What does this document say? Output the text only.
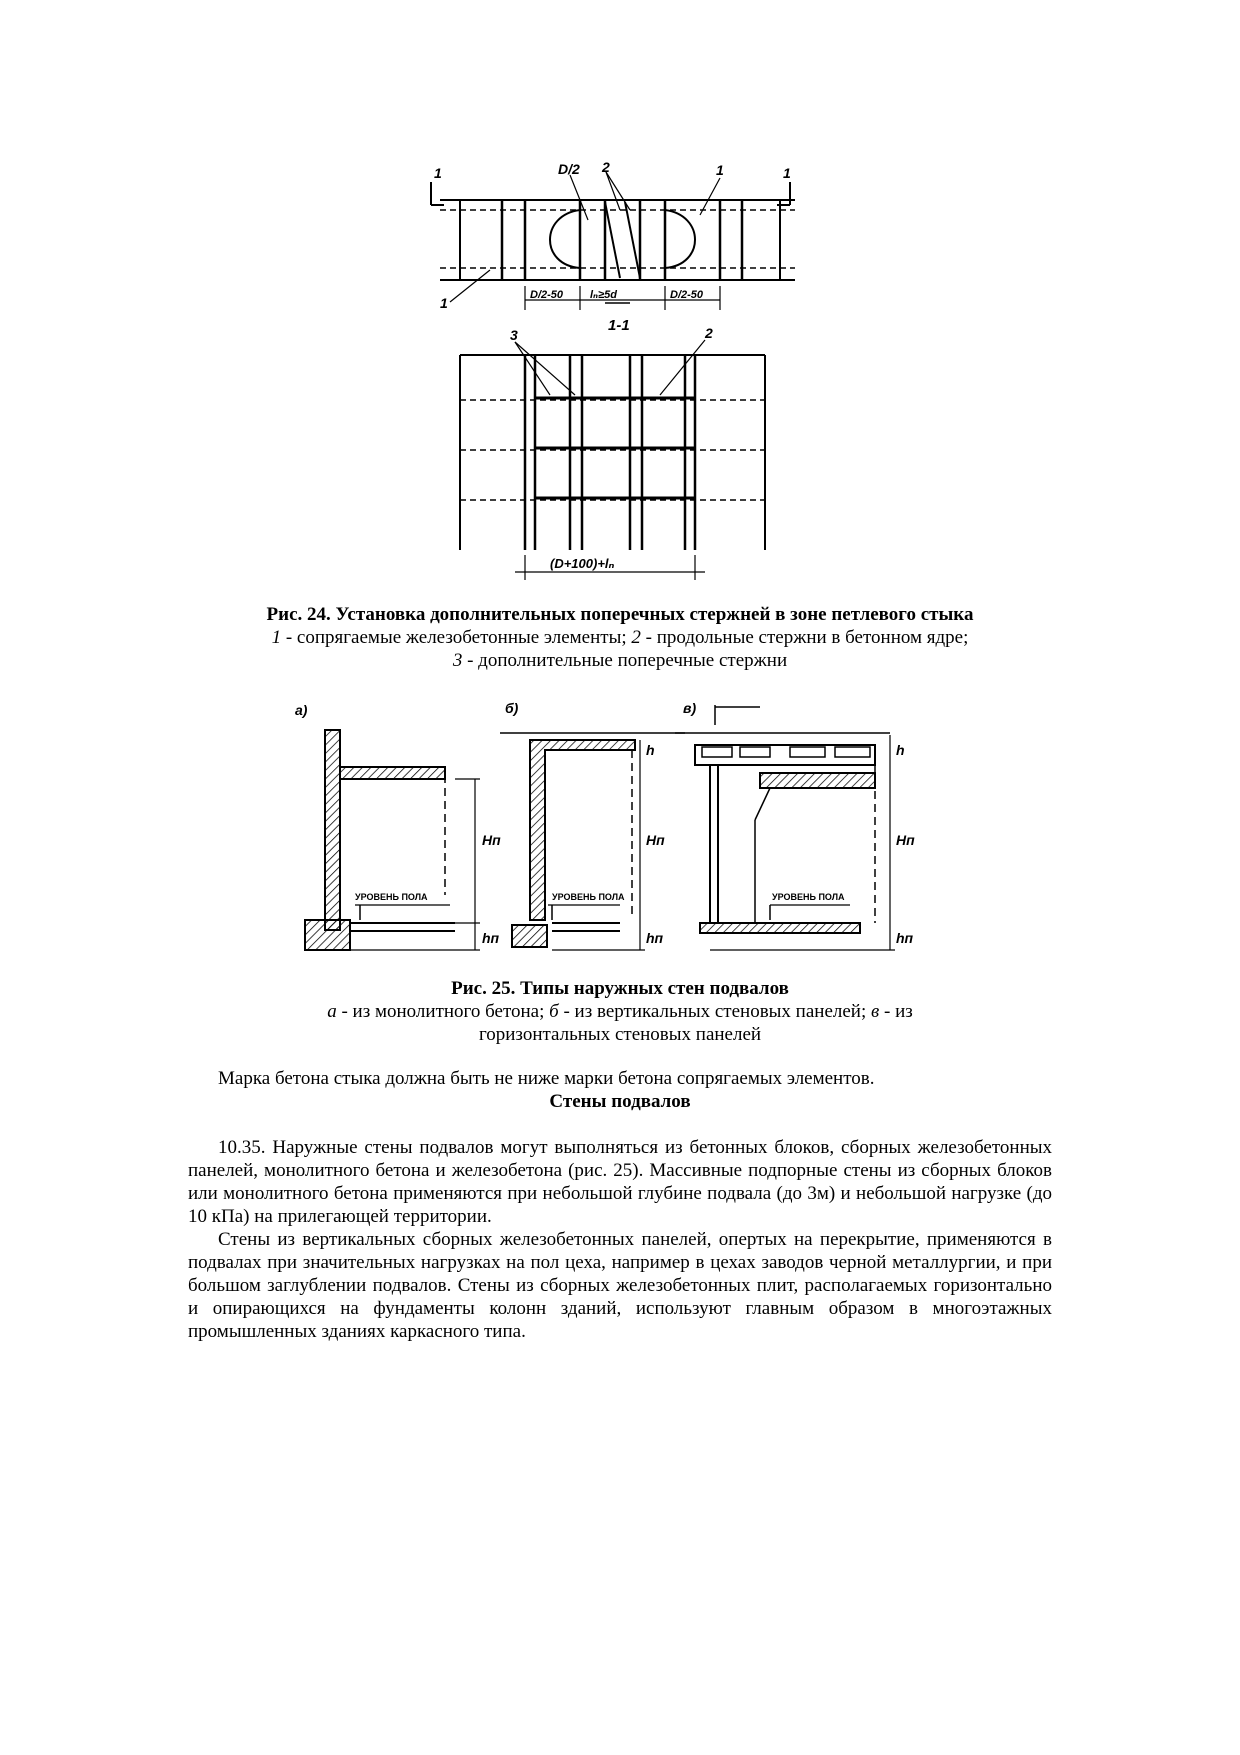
1	1
1
1
D/2 2
D/2-50 lₙ≥5d	D/2-50
1-1
3	2
(D+100)+lₙ
Рис. 24. Установка дополнительных поперечных стержней в зоне петлевого стыка
1 - сопрягаемые железобетонные элементы; 2 - продольные стержни в бетонном ядре;
3 - дополнительные поперечные стержни
а)	б)	в)
УРОВЕНЬ ПОЛА	УРОВЕНЬ ПОЛА	УРОВЕНЬ ПОЛА
Hп
hп
Hп
hп
h
Hп
hп
h
Рис. 25. Типы наружных стен подвалов
а - из монолитного бетона; б - из вертикальных стеновых панелей; в - из горизонтальных стеновых панелей

Марка бетона стыка должна быть не ниже марки бетона сопрягаемых элементов.

Стены подвалов

10.35. Наружные стены подвалов могут выполняться из бетонных блоков, сборных железобетонных панелей, монолитного бетона и железобетона (рис. 25). Массивные подпорные стены из сборных блоков или монолитного бетона применяются при небольшой глубине подвала (до 3м) и небольшой нагрузке (до 10 кПа) на прилегающей территории.

Стены из вертикальных сборных железобетонных панелей, опертых на перекрытие, применяются в подвалах при значительных нагрузках на пол цеха, например в цехах заводов черной металлургии, и при большом заглублении подвалов. Стены из сборных железобетонных плит, располагаемых горизонтально и опирающихся на фундаменты колонн зданий, используют главным образом в многоэтажных промышленных зданиях каркасного типа.
